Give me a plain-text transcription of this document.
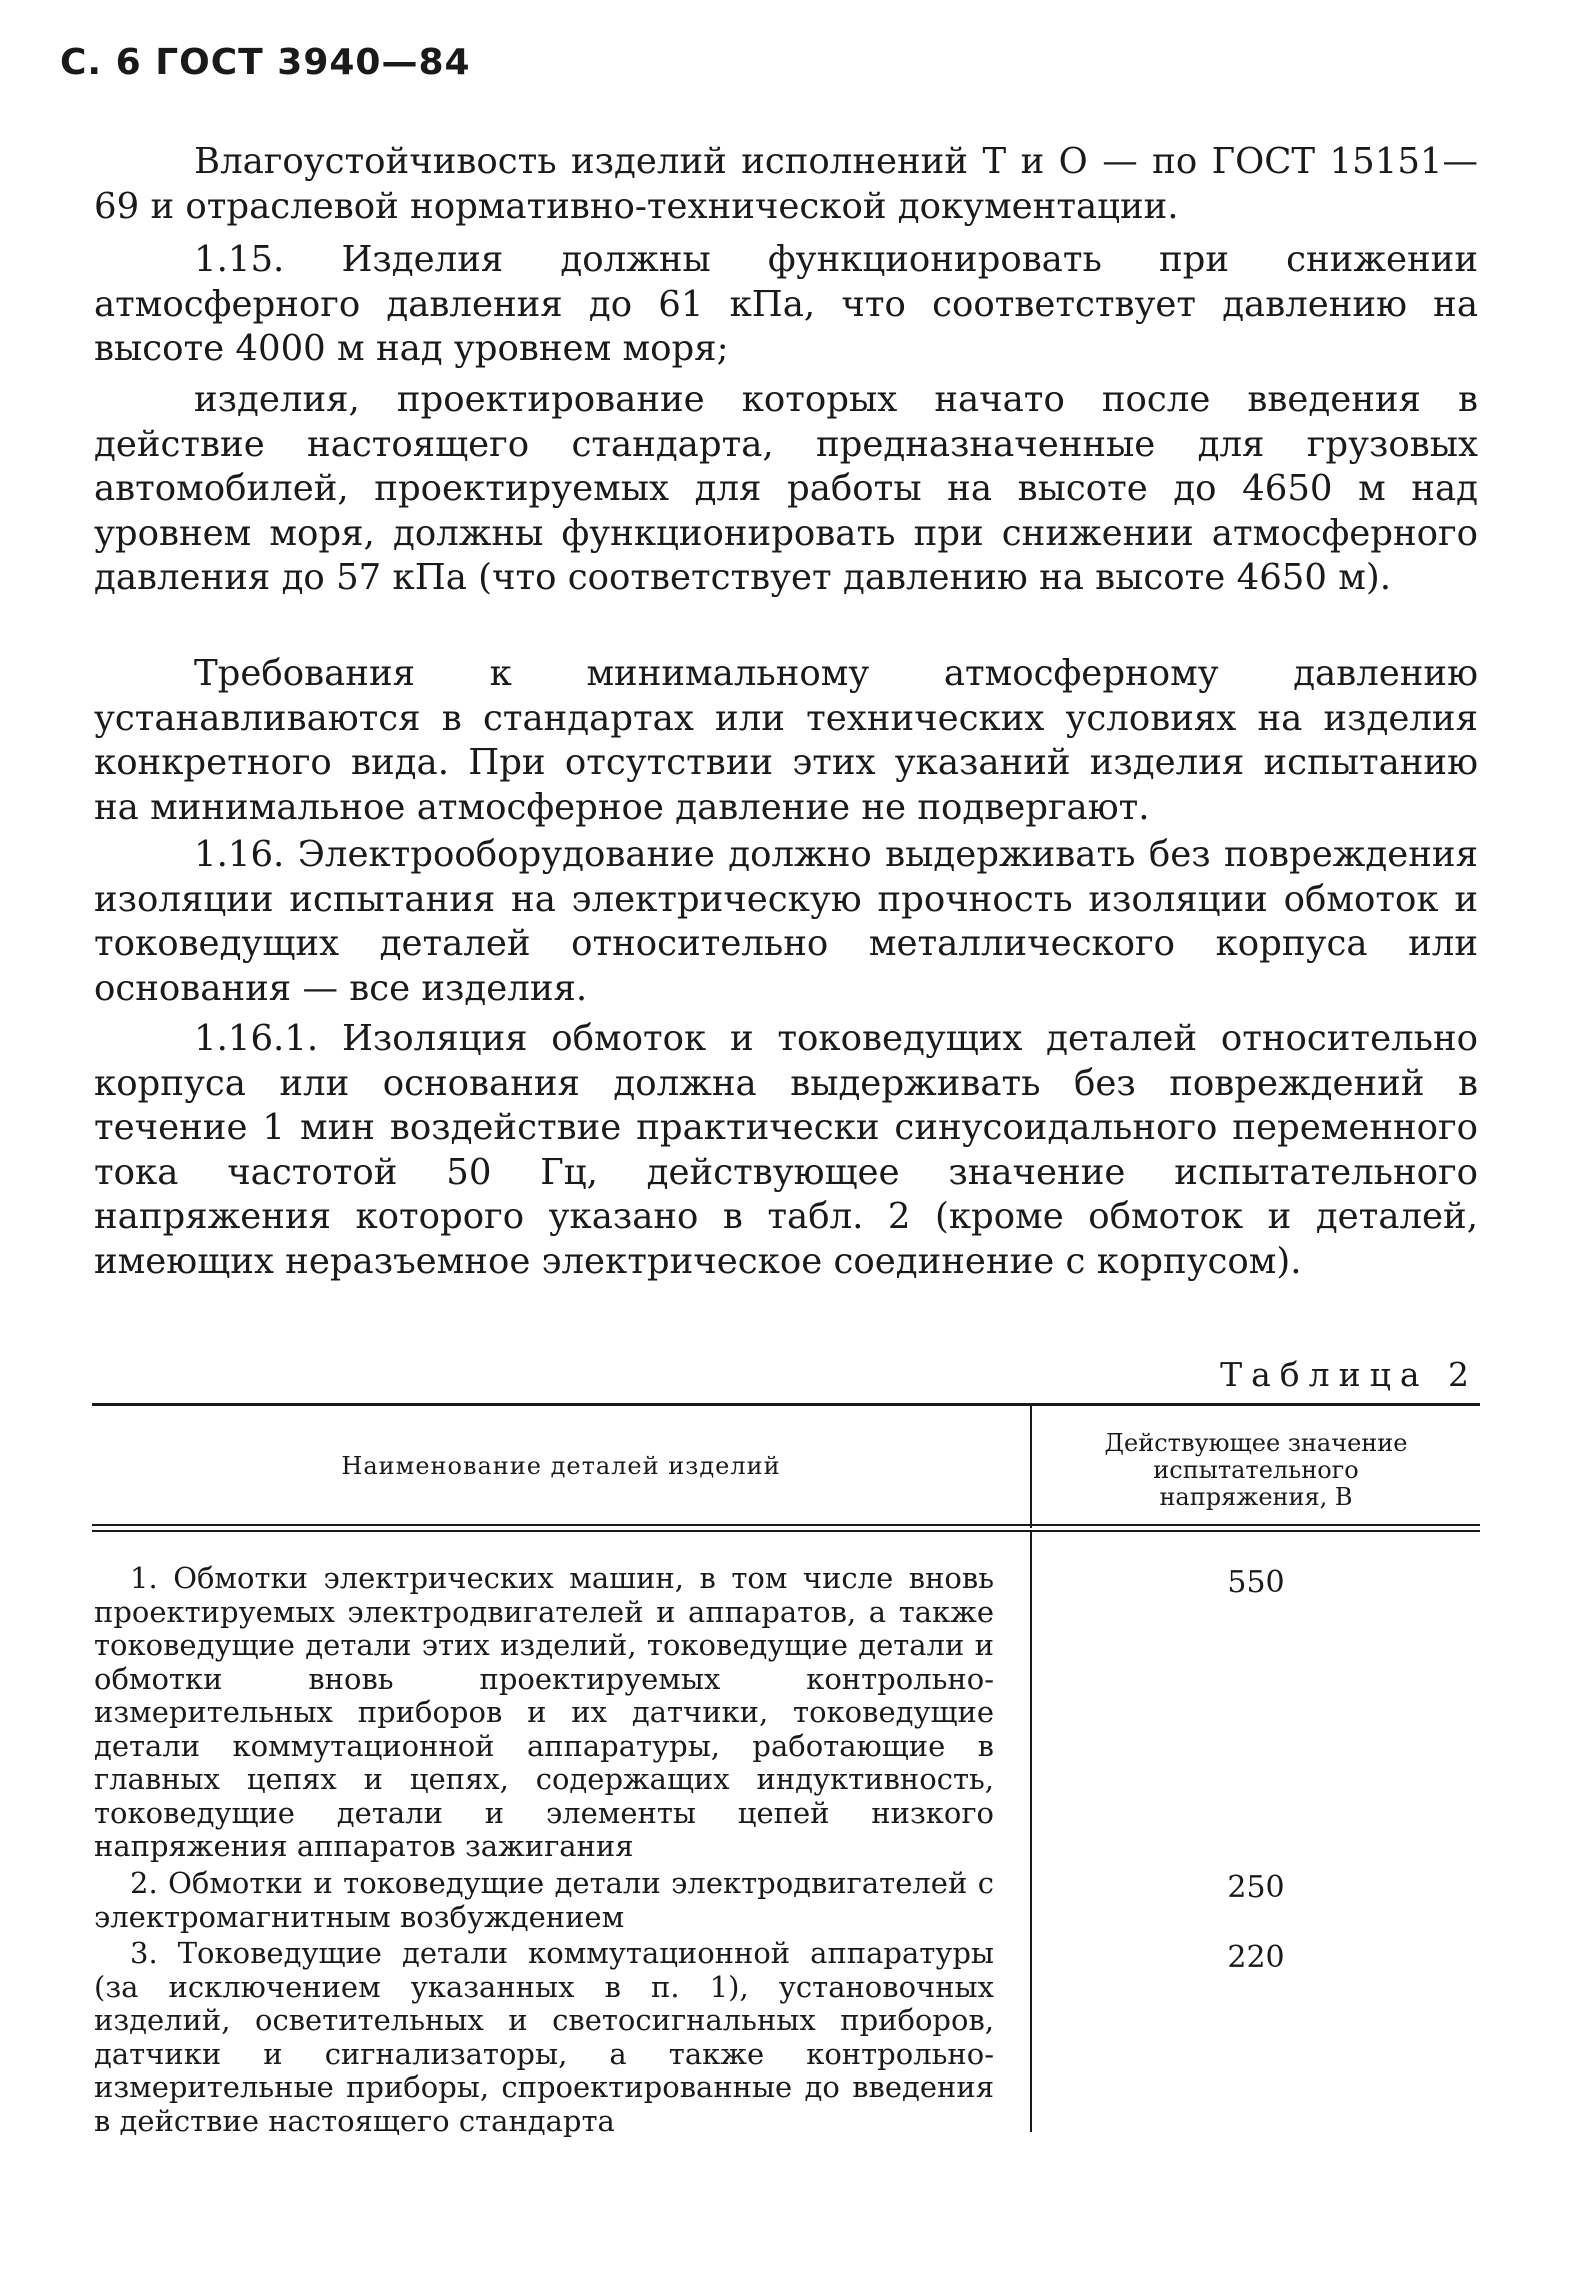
С. 6 ГОСТ 3940—84

Влагоустойчивость изделий исполнений Т и О — по ГОСТ 15151—69 и отраслевой нормативно-технической документации.

1.15. Изделия должны функционировать при снижении атмосферного давления до 61 кПа, что соответствует давлению на высоте 4000 м над уровнем моря;

изделия, проектирование которых начато после введения в действие настоящего стандарта, предназначенные для грузовых автомобилей, проектируемых для работы на высоте до 4650 м над уровнем моря, должны функционировать при снижении атмосферного давления до 57 кПа (что соответствует давлению на высоте 4650 м).

Требования к минимальному атмосферному давлению устанавливаются в стандартах или технических условиях на изделия конкретного вида. При отсутствии этих указаний изделия испытанию на минимальное атмосферное давление не подвергают.

1.16. Электрооборудование должно выдерживать без повреждения изоляции испытания на электрическую прочность изоляции обмоток и токоведущих деталей относительно металлического корпуса или основания — все изделия.

1.16.1. Изоляция обмоток и токоведущих деталей относительно корпуса или основания должна выдерживать без повреждений в течение 1 мин воздействие практически синусоидального переменного тока частотой 50 Гц, действующее значение испытательного напряжения которого указано в табл. 2 (кроме обмоток и деталей, имеющих неразъемное электрическое соединение с корпусом).

Таблица 2
Наименование деталей изделий
Действующее значение
испытательного
напряжения, В

1. Обмотки электрических машин, в том числе вновь проектируемых электродвигателей и аппаратов, а также токоведущие детали этих изделий, токоведущие детали и обмотки вновь проектируемых контрольно-измерительных приборов и их датчики, токоведущие детали коммутационной аппаратуры, работающие в главных цепях и цепях, содержащих индуктивность, токоведущие детали и элементы цепей низкого напряжения аппаратов зажигания

550

2. Обмотки и токоведущие детали электродвигателей с электромагнитным возбуждением

250

3. Токоведущие детали коммутационной аппаратуры (за исключением указанных в п. 1), установочных изделий, осветительных и светосигнальных приборов, датчики и сигнализаторы, а также контрольно-измерительные приборы, спроектированные до введения в действие настоящего стандарта

220
